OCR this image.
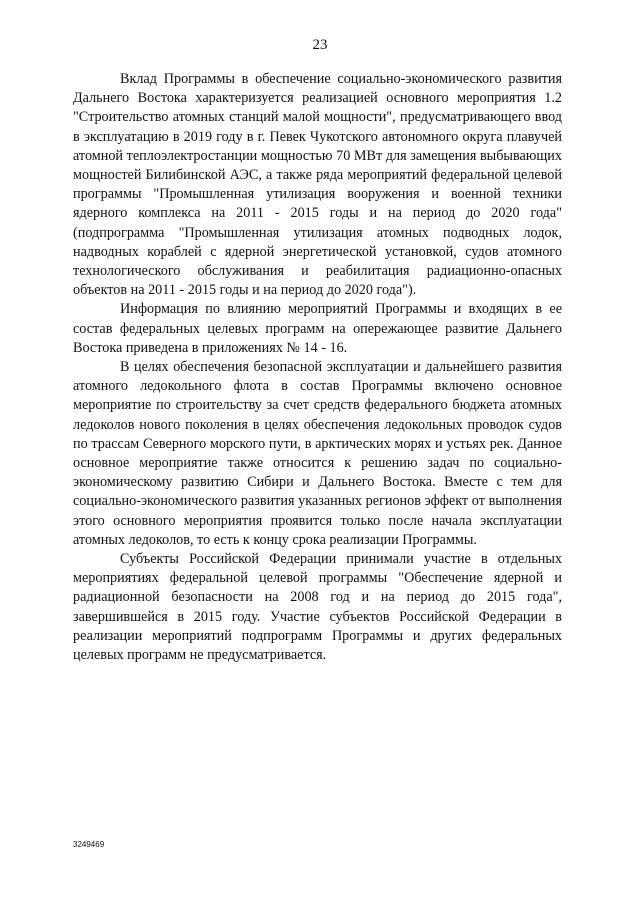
23

Вклад Программы в обеспечение социально-экономического развития Дальнего Востока характеризуется реализацией основного мероприятия 1.2 "Строительство атомных станций малой мощности", предусматривающего ввод в эксплуатацию в 2019 году в г. Певек Чукотского автономного округа плавучей атомной теплоэлектростанции мощностью 70 МВт для замещения выбывающих мощностей Билибинской АЭС, а также ряда мероприятий федеральной целевой программы "Промышленная утилизация вооружения и военной техники ядерного комплекса на 2011 - 2015 годы и на период до 2020 года" (подпрограмма "Промышленная утилизация атомных подводных лодок, надводных кораблей с ядерной энергетической установкой, судов атомного технологического обслуживания и реабилитация радиационно-опасных объектов на 2011 - 2015 годы и на период до 2020 года").

Информация по влиянию мероприятий Программы и входящих в ее состав федеральных целевых программ на опережающее развитие Дальнего Востока приведена в приложениях № 14 - 16.

В целях обеспечения безопасной эксплуатации и дальнейшего развития атомного ледокольного флота в состав Программы включено основное мероприятие по строительству за счет средств федерального бюджета атомных ледоколов нового поколения в целях обеспечения ледокольных проводок судов по трассам Северного морского пути, в арктических морях и устьях рек. Данное основное мероприятие также относится к решению задач по социально-экономическому развитию Сибири и Дальнего Востока. Вместе с тем для социально-экономического развития указанных регионов эффект от выполнения этого основного мероприятия проявится только после начала эксплуатации атомных ледоколов, то есть к концу срока реализации Программы.

Субъекты Российской Федерации принимали участие в отдельных мероприятиях федеральной целевой программы "Обеспечение ядерной и радиационной безопасности на 2008 год и на период до 2015 года", завершившейся в 2015 году. Участие субъектов Российской Федерации в реализации мероприятий подпрограмм Программы и других федеральных целевых программ не предусматривается.

3249469
